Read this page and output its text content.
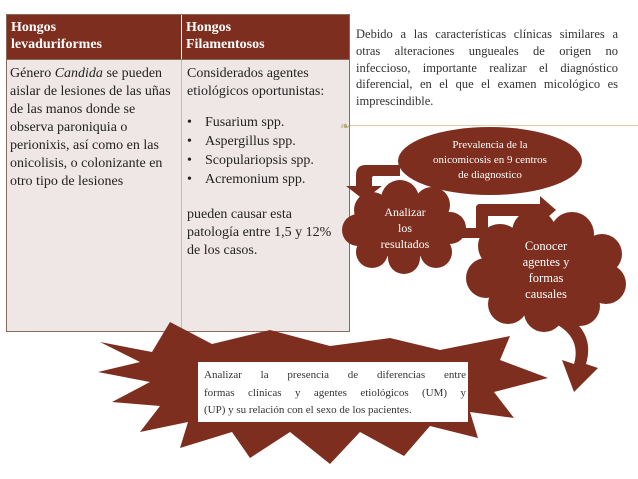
Hongos
levaduriformes
Hongos
Filamentosos

Género Candida se pueden aislar de lesiones de las uñas de las manos donde se observa paroniquia o perionixis, así como en las onicolisis, o colonizante en otro tipo de lesiones

Considerados agentes etiológicos oportunistas:

• Fusarium spp.
• Aspergillus spp.
• Scopulariopsis spp.
• Acremonium spp.

pueden causar esta patología entre 1,5 y 12% de los casos.

Debido a las características clínicas similares a otras alteraciones ungueales de origen no infeccioso, importante realizar el diagnóstico diferencial, en el que el examen micológico es imprescindible.
❧
Prevalencia de la
onicomicosis en 9 centros
de diagnostico
Analizar
los
resultados	Conocer
agentes y
formas
causales
Analizar la presencia de diferencias entre
formas clínicas y agentes etiológicos (UM) y
(UP) y su relación con el sexo de los pacientes.
